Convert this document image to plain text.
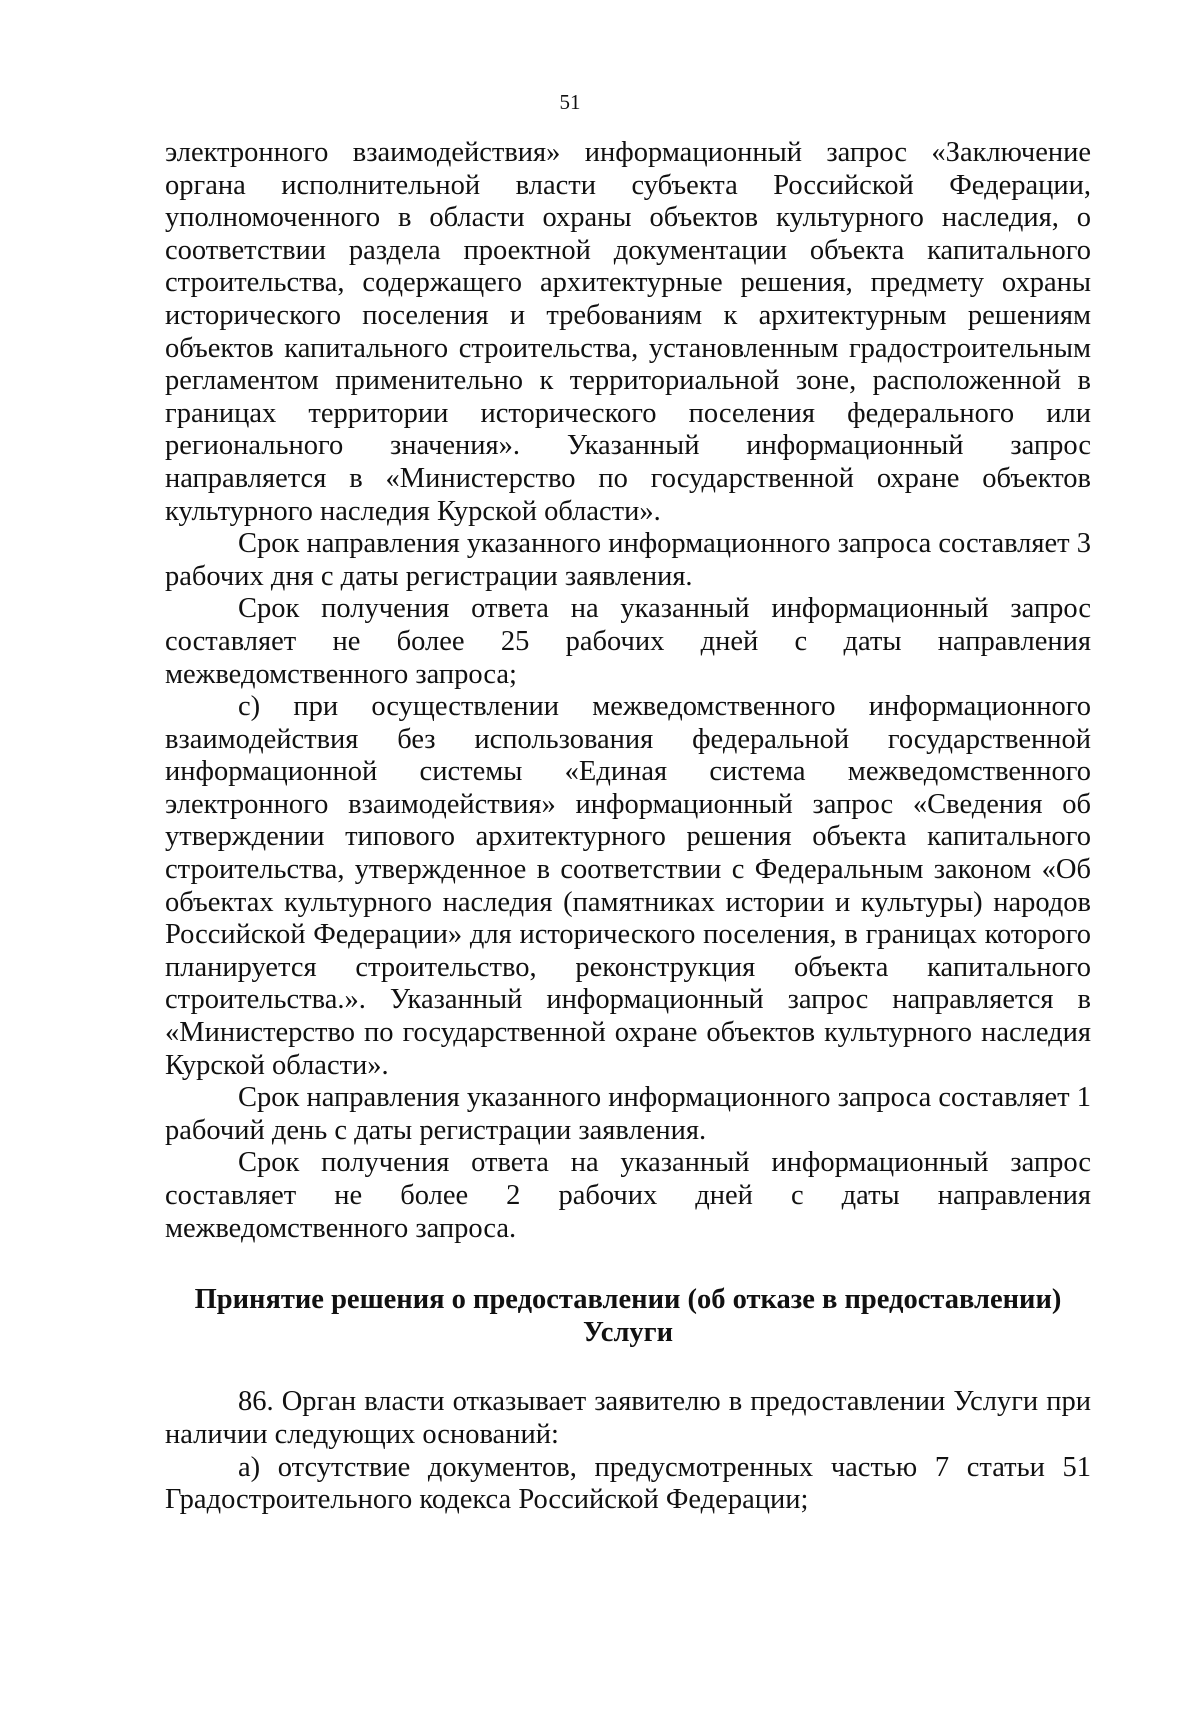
51

электронного взаимодействия» информационный запрос «Заключение органа исполнительной власти субъекта Российской Федерации, уполномоченного в области охраны объектов культурного наследия, о соответствии раздела проектной документации объекта капитального строительства, содержащего архитектурные решения, предмету охраны исторического поселения и требованиям к архитектурным решениям объектов капитального строительства, установленным градостроительным регламентом применительно к территориальной зоне, расположенной в границах территории исторического поселения федерального или регионального значения». Указанный информационный запрос направляется в «Министерство по государственной охране объектов культурного наследия Курской области».

Срок направления указанного информационного запроса составляет 3 рабочих дня с даты регистрации заявления.

Срок получения ответа на указанный информационный запрос составляет не более 25 рабочих дней с даты направления межведомственного запроса;

с) при осуществлении межведомственного информационного взаимодействия без использования федеральной государственной информационной системы «Единая система межведомственного электронного взаимодействия» информационный запрос «Сведения об утверждении типового архитектурного решения объекта капитального строительства, утвержденное в соответствии с Федеральным законом «Об объектах культурного наследия (памятниках истории и культуры) народов Российской Федерации» для исторического поселения, в границах которого планируется строительство, реконструкция объекта капитального строительства.». Указанный информационный запрос направляется в «Министерство по государственной охране объектов культурного наследия Курской области».

Срок направления указанного информационного запроса составляет 1 рабочий день с даты регистрации заявления.

Срок получения ответа на указанный информационный запрос составляет не более 2 рабочих дней с даты направления межведомственного запроса.

Принятие решения о предоставлении (об отказе в предоставлении)
Услуги

86. Орган власти отказывает заявителю в предоставлении Услуги при наличии следующих оснований:

а) отсутствие документов, предусмотренных частью 7 статьи 51 Градостроительного кодекса Российской Федерации;
